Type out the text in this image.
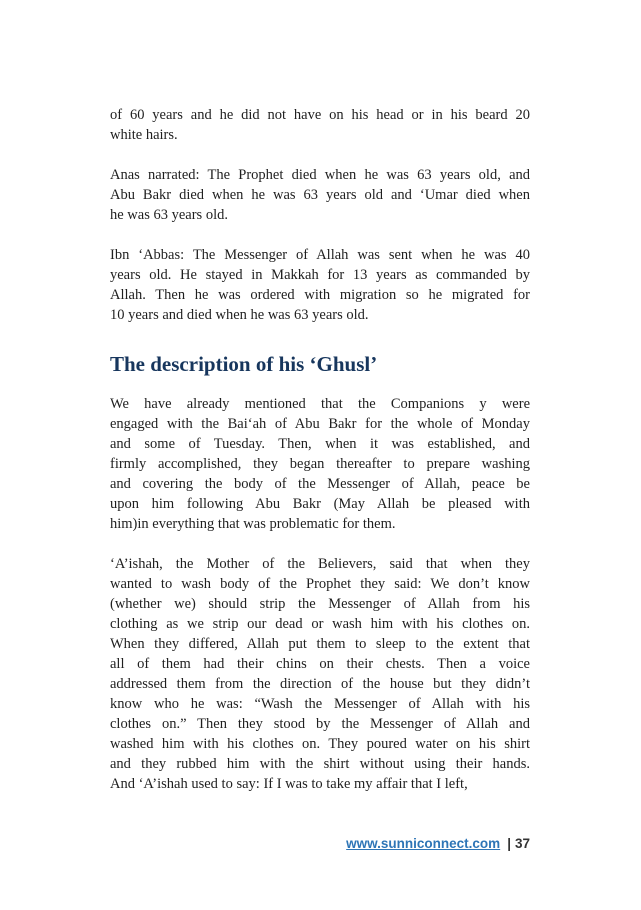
of 60 years and he did not have on his head or in his beard 20
white hairs.
Anas narrated: The Prophet died when he was 63 years old, and
Abu Bakr died when he was 63 years old and ‘Umar died when
he was 63 years old.
Ibn ‘Abbas: The Messenger of Allah was sent when he was 40
years old. He stayed in Makkah for 13 years as commanded by
Allah. Then he was ordered with migration so he migrated for
10 years and died when he was 63 years old.
The description of his ‘Ghusl’
We have already mentioned that the Companions y were
engaged with the Bai‘ah of Abu Bakr for the whole of Monday
and some of Tuesday. Then, when it was established, and
firmly accomplished, they began thereafter to prepare washing
and covering the body of the Messenger of Allah, peace be
upon him following Abu Bakr (May Allah be pleased with
him)in everything that was problematic for them.
‘A’ishah, the Mother of the Believers, said that when they
wanted to wash body of the Prophet they said: We don’t know
(whether we) should strip the Messenger of Allah from his
clothing as we strip our dead or wash him with his clothes on.
When they differed, Allah put them to sleep to the extent that
all of them had their chins on their chests. Then a voice
addressed them from the direction of the house but they didn’t
know who he was: “Wash the Messenger of Allah with his
clothes on.” Then they stood by the Messenger of Allah and
washed him with his clothes on. They poured water on his shirt
and they rubbed him with the shirt without using their hands.
And ‘A’ishah used to say: If I was to take my affair that I left,
www.sunniconnect.com | 37
